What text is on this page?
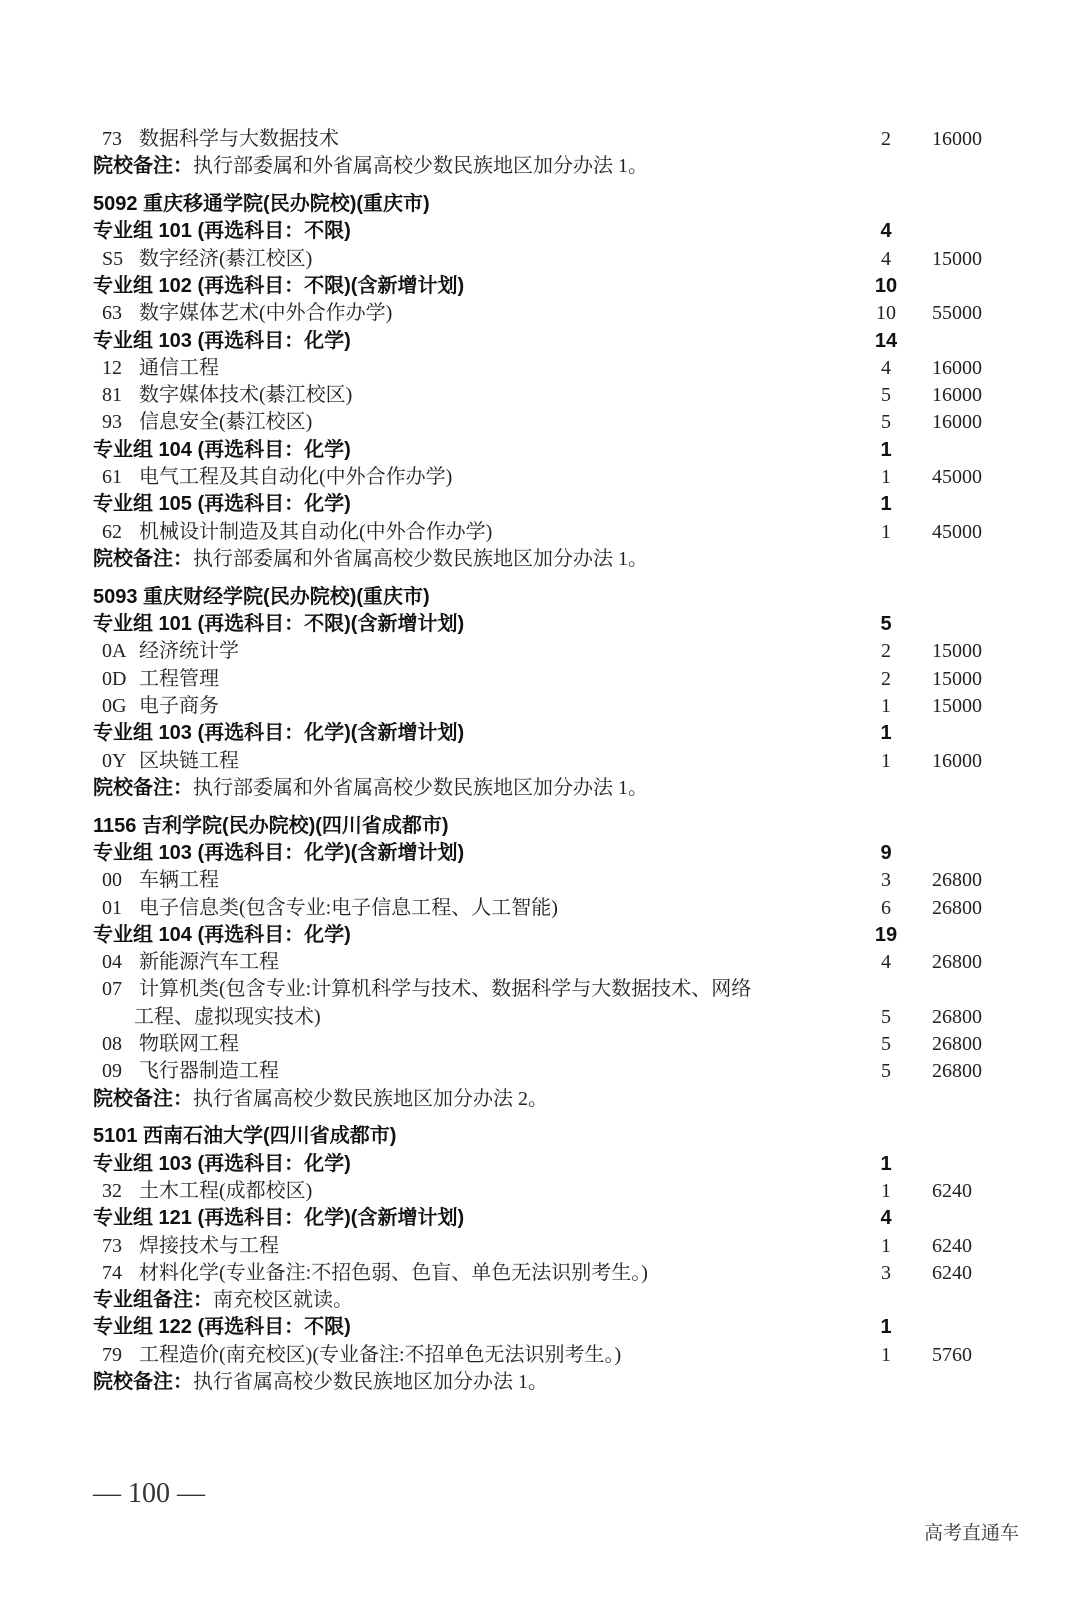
73 数据科学与大数据技术	2	16000
院校备注：执行部委属和外省属高校少数民族地区加分办法 1。
5092 重庆移通学院(民办院校)(重庆市)
专业组 101 (再选科目：不限)	4
S5 数字经济(綦江校区)	4	15000
专业组 102 (再选科目：不限)(含新增计划)	10
63 数字媒体艺术(中外合作办学)	10	55000
专业组 103 (再选科目：化学)	14
12 通信工程	4	16000
81 数字媒体技术(綦江校区)	5	16000
93 信息安全(綦江校区)	5	16000
专业组 104 (再选科目：化学)	1
61 电气工程及其自动化(中外合作办学)	1	45000
专业组 105 (再选科目：化学)	1
62 机械设计制造及其自动化(中外合作办学)	1	45000
院校备注：执行部委属和外省属高校少数民族地区加分办法 1。
5093 重庆财经学院(民办院校)(重庆市)
专业组 101 (再选科目：不限)(含新增计划)	5
0A 经济统计学	2	15000
0D 工程管理	2	15000
0G 电子商务	1	15000
专业组 103 (再选科目：化学)(含新增计划)	1
0Y 区块链工程	1	16000
院校备注：执行部委属和外省属高校少数民族地区加分办法 1。
1156 吉利学院(民办院校)(四川省成都市)
专业组 103 (再选科目：化学)(含新增计划)	9
00 车辆工程	3	26800
01 电子信息类(包含专业:电子信息工程、人工智能)	6	26800
专业组 104 (再选科目：化学)	19
04 新能源汽车工程	4	26800
07 计算机类(包含专业:计算机科学与技术、数据科学与大数据技术、网络
工程、虚拟现实技术)	5	26800
08 物联网工程	5	26800
09 飞行器制造工程	5	26800
院校备注：执行省属高校少数民族地区加分办法 2。
5101 西南石油大学(四川省成都市)
专业组 103 (再选科目：化学)	1
32 土木工程(成都校区)	1	6240
专业组 121 (再选科目：化学)(含新增计划)	4
73 焊接技术与工程	1	6240
74 材料化学(专业备注:不招色弱、色盲、单色无法识别考生。)	3	6240
专业组备注：南充校区就读。
专业组 122 (再选科目：不限)	1
79 工程造价(南充校区)(专业备注:不招单色无法识别考生。)	1	5760
院校备注：执行省属高校少数民族地区加分办法 1。
— 100 —
高考直通车
